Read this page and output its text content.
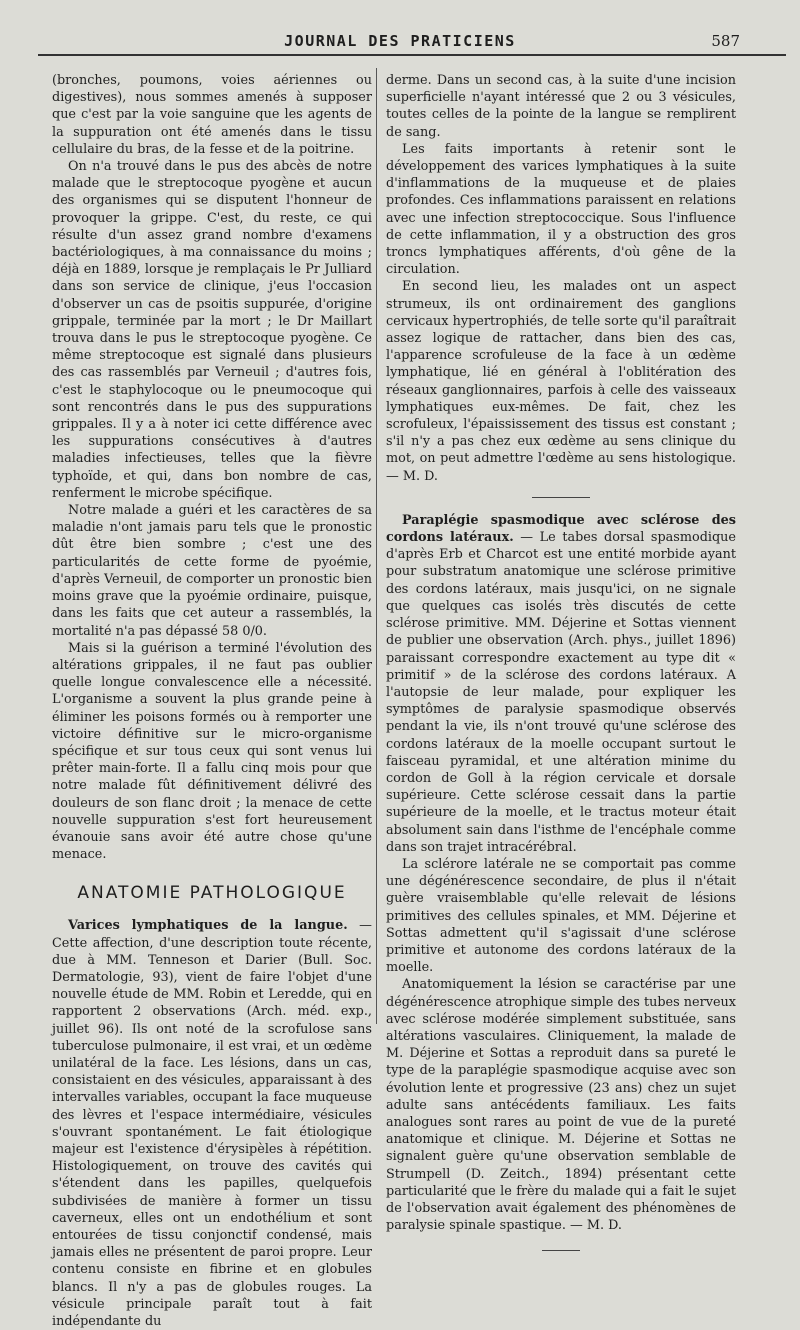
JOURNAL DES PRATICIENS	587

(bronches, poumons, voies aériennes ou digestives), nous sommes amenés à supposer que c'est par la voie sanguine que les agents de la suppuration ont été amenés dans le tissu cellulaire du bras, de la fesse et de la poitrine.

On n'a trouvé dans le pus des abcès de notre malade que le streptocoque pyogène et aucun des organismes qui se disputent l'honneur de provoquer la grippe. C'est, du reste, ce qui résulte d'un assez grand nombre d'examens bactériologiques, à ma connaissance du moins ; déjà en 1889, lorsque je remplaçais le Pr Julliard dans son service de clinique, j'eus l'occasion d'observer un cas de psoitis suppurée, d'origine grippale, terminée par la mort ; le Dr Maillart trouva dans le pus le streptocoque pyogène. Ce même streptocoque est signalé dans plusieurs des cas rassemblés par Verneuil ; d'autres fois, c'est le staphylocoque ou le pneumocoque qui sont rencontrés dans le pus des suppurations grippales. Il y a à noter ici cette différence avec les suppurations consécutives à d'autres maladies infectieuses, telles que la fièvre typhoïde, et qui, dans bon nombre de cas, renferment le microbe spécifique.

Notre malade a guéri et les caractères de sa maladie n'ont jamais paru tels que le pronostic dût être bien sombre ; c'est une des particularités de cette forme de pyoémie, d'après Verneuil, de comporter un pronostic bien moins grave que la pyoémie ordinaire, puisque, dans les faits que cet auteur a rassemblés, la mortalité n'a pas dépassé 58 0/0.

Mais si la guérison a terminé l'évolution des altérations grippales, il ne faut pas oublier quelle longue convalescence elle a nécessité. L'organisme a souvent la plus grande peine à éliminer les poisons formés ou à remporter une victoire définitive sur le micro-organisme spécifique et sur tous ceux qui sont venus lui prêter main-forte. Il a fallu cinq mois pour que notre malade fût définitivement délivré des douleurs de son flanc droit ; la menace de cette nouvelle suppuration s'est fort heureusement évanouie sans avoir été autre chose qu'une menace.

ANATOMIE PATHOLOGIQUE

Varices lymphatiques de la langue. — Cette affection, d'une description toute récente, due à MM. Tenneson et Darier (Bull. Soc. Dermatologie, 93), vient de faire l'objet d'une nouvelle étude de MM. Robin et Leredde, qui en rapportent 2 observations (Arch. méd. exp., juillet 96). Ils ont noté de la scrofulose sans tuberculose pulmonaire, il est vrai, et un œdème unilatéral de la face. Les lésions, dans un cas, consistaient en des vésicules, apparaissant à des intervalles variables, occupant la face muqueuse des lèvres et l'espace intermédiaire, vésicules s'ouvrant spontanément. Le fait étiologique majeur est l'existence d'érysipèles à répétition. Histologiquement, on trouve des cavités qui s'étendent dans les papilles, quelquefois subdivisées de manière à former un tissu caverneux, elles ont un endothélium et sont entourées de tissu conjonctif condensé, mais jamais elles ne présentent de paroi propre. Leur contenu consiste en fibrine et en globules blancs. Il n'y a pas de globules rouges. La vésicule principale paraît tout à fait indépendante du

derme. Dans un second cas, à la suite d'une incision superficielle n'ayant intéressé que 2 ou 3 vésicules, toutes celles de la pointe de la langue se remplirent de sang.

Les faits importants à retenir sont le développement des varices lymphatiques à la suite d'inflammations de la muqueuse et de plaies profondes. Ces inflammations paraissent en relations avec une infection streptococcique. Sous l'influence de cette inflammation, il y a obstruction des gros troncs lymphatiques afférents, d'où gêne de la circulation.

En second lieu, les malades ont un aspect strumeux, ils ont ordinairement des ganglions cervicaux hypertrophiés, de telle sorte qu'il paraîtrait assez logique de rattacher, dans bien des cas, l'apparence scrofuleuse de la face à un œdème lymphatique, lié en général à l'oblitération des réseaux ganglionnaires, parfois à celle des vaisseaux lymphatiques eux-mêmes. De fait, chez les scrofuleux, l'épaississement des tissus est constant ; s'il n'y a pas chez eux œdème au sens clinique du mot, on peut admettre l'œdème au sens histologique. — M. D.

Paraplégie spasmodique avec sclérose des cordons latéraux. — Le tabes dorsal spasmodique d'après Erb et Charcot est une entité morbide ayant pour substratum anatomique une sclérose primitive des cordons latéraux, mais jusqu'ici, on ne signale que quelques cas isolés très discutés de cette sclérose primitive. MM. Déjerine et Sottas viennent de publier une observation (Arch. phys., juillet 1896) paraissant correspondre exactement au type dit « primitif » de la sclérose des cordons latéraux. A l'autopsie de leur malade, pour expliquer les symptômes de paralysie spasmodique observés pendant la vie, ils n'ont trouvé qu'une sclérose des cordons latéraux de la moelle occupant surtout le faisceau pyramidal, et une altération minime du cordon de Goll à la région cervicale et dorsale supérieure. Cette sclérose cessait dans la partie supérieure de la moelle, et le tractus moteur était absolument sain dans l'isthme de l'encéphale comme dans son trajet intracérébral.

La sclérore latérale ne se comportait pas comme une dégénérescence secondaire, de plus il n'était guère vraisemblable qu'elle relevait de lésions primitives des cellules spinales, et MM. Déjerine et Sottas admettent qu'il s'agissait d'une sclérose primitive et autonome des cordons latéraux de la moelle.

Anatomiquement la lésion se caractérise par une dégénérescence atrophique simple des tubes nerveux avec sclérose modérée simplement substituée, sans altérations vasculaires. Cliniquement, la malade de M. Déjerine et Sottas a reproduit dans sa pureté le type de la paraplégie spasmodique acquise avec son évolution lente et progressive (23 ans) chez un sujet adulte sans antécédents familiaux. Les faits analogues sont rares au point de vue de la pureté anatomique et clinique. M. Déjerine et Sottas ne signalent guère qu'une observation semblable de Strumpell (D. Zeitch., 1894) présentant cette particularité que le frère du malade qui a fait le sujet de l'observation avait également des phénomènes de paralysie spinale spastique. — M. D.
